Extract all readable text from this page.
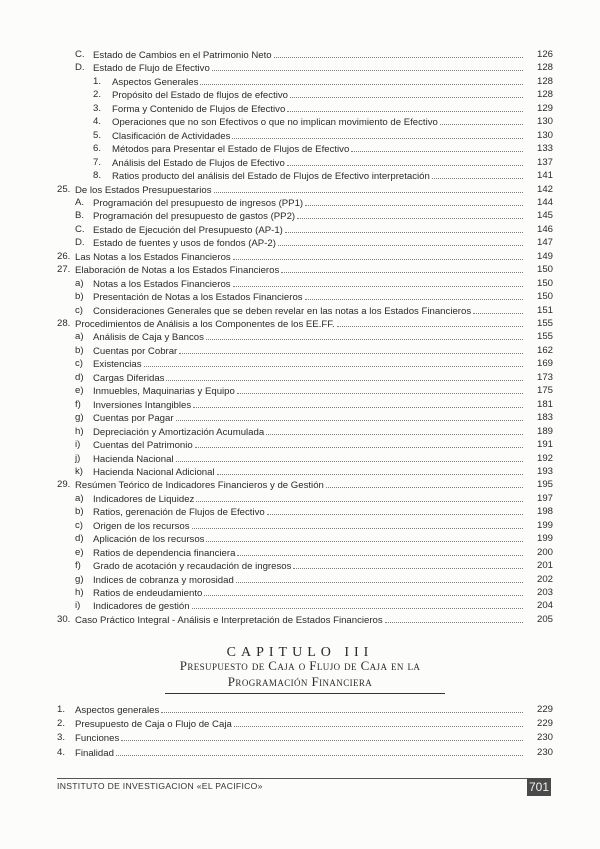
C. Estado de Cambios en el Patrimonio Neto	126
D. Estado de Flujo de Efectivo	128
1. Aspectos Generales	128
2. Propósito del Estado de flujos de efectivo	128
3. Forma y Contenido de Flujos de Efectivo	129
4. Operaciones que no son Efectivos o que no implican movimiento de Efectivo	130
5. Clasificación de Actividades	130
6. Métodos para Presentar el Estado de Flujos de Efectivo	133
7. Análisis del Estado de Flujos de Efectivo	137
8. Ratios producto del análisis del Estado de Flujos de Efectivo interpretación	141
25. De los Estados Presupuestarios	142
A. Programación del presupuesto de ingresos (PP1)	144
B. Programación del presupuesto de gastos (PP2)	145
C. Estado de Ejecución del Presupuesto (AP-1)	146
D. Estado de fuentes y usos de fondos (AP-2)	147
26. Las Notas a los Estados Financieros	149
27. Elaboración de Notas a los Estados Financieros	150
a) Notas a los Estados Financieros	150
b) Presentación de Notas a los Estados Financieros	150
c) Consideraciones Generales que se deben revelar en las notas a los Estados Financieros	151
28. Procedimientos de Análisis a los Componentes de los EE.FF.	155
a) Análisis de Caja y Bancos	155
b) Cuentas por Cobrar	162
c) Existencias	169
d) Cargas Diferidas	173
e) Inmuebles, Maquinarias y Equipo	175
f) Inversiones Intangibles	181
g) Cuentas por Pagar	183
h) Depreciación y Amortización Acumulada	189
i) Cuentas del Patrimonio	191
j) Hacienda Nacional	192
k) Hacienda Nacional Adicional	193
29. Resúmen Teórico de Indicadores Financieros y de Gestión	195
a) Indicadores de Liquidez	197
b) Ratios, gerenación de Flujos de Efectivo	198
c) Origen de los recursos	199
d) Aplicación de los recursos	199
e) Ratios de dependencia financiera	200
f) Grado de acotación y recaudación de ingresos	201
g) Indices de cobranza y morosidad	202
h) Ratios de endeudamiento	203
i) Indicadores de gestión	204
30. Caso Práctico Integral - Análisis e Interpretación de Estados Financieros	205
CAPITULO III
Presupuesto de Caja o Flujo de Caja en la
Programación Financiera
1. Aspectos generales	229
2. Presupuesto de Caja o Flujo de Caja	229
3. Funciones	230
4. Finalidad	230
INSTITUTO DE INVESTIGACION «EL PACIFICO»	701
